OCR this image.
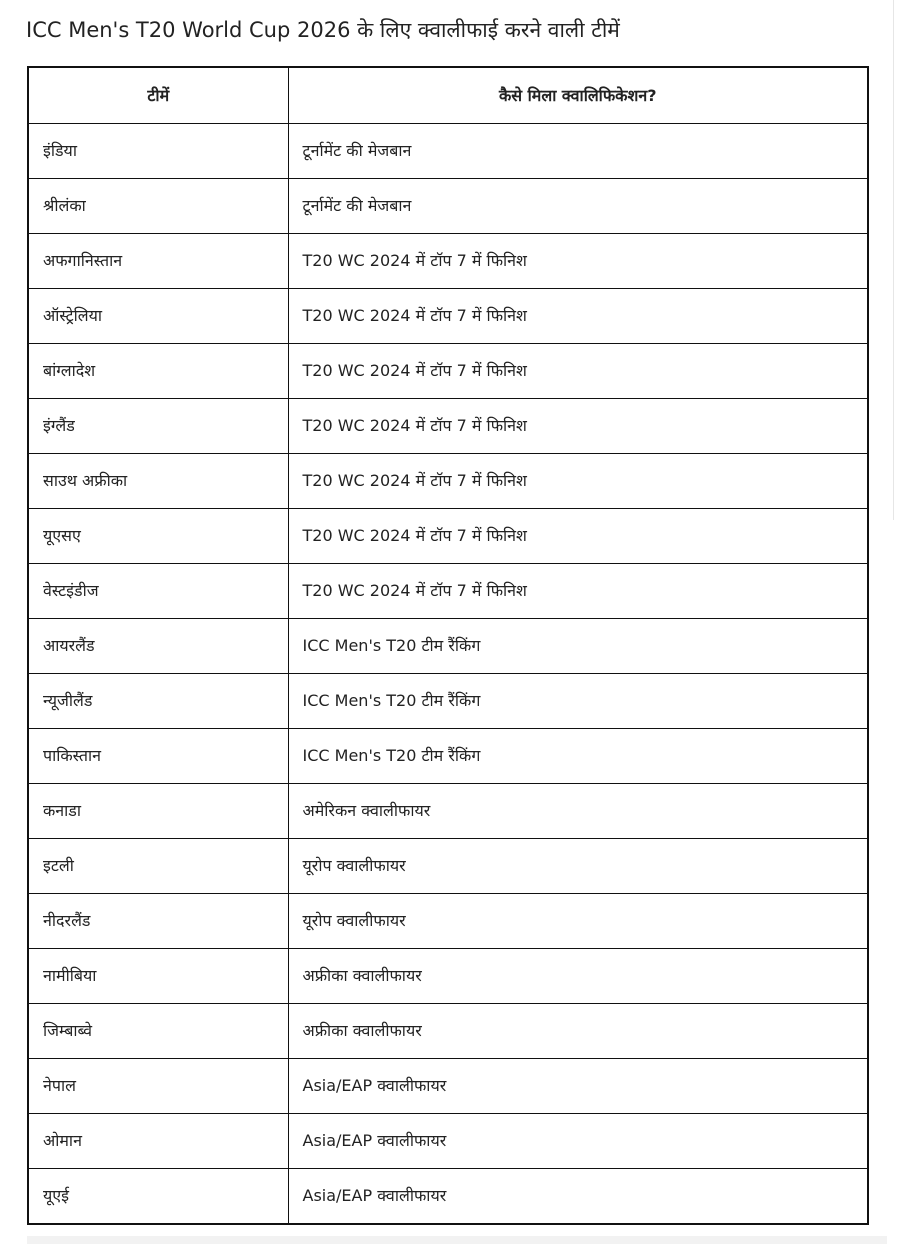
ICC Men's T20 World Cup 2026 के लिए क्वालीफाई करने वाली टीमें
टीमें	कैसे मिला क्वालिफिकेशन?
इंडिया	टूर्नामेंट की मेजबान
श्रीलंका	टूर्नामेंट की मेजबान
अफगानिस्तान	T20 WC 2024 में टॉप 7 में फिनिश
ऑस्ट्रेलिया	T20 WC 2024 में टॉप 7 में फिनिश
बांग्लादेश	T20 WC 2024 में टॉप 7 में फिनिश
इंग्लैंड	T20 WC 2024 में टॉप 7 में फिनिश
साउथ अफ्रीका	T20 WC 2024 में टॉप 7 में फिनिश
यूएसए	T20 WC 2024 में टॉप 7 में फिनिश
वेस्टइंडीज	T20 WC 2024 में टॉप 7 में फिनिश
आयरलैंड	ICC Men's T20 टीम रैंकिंग
न्यूजीलैंड	ICC Men's T20 टीम रैंकिंग
पाकिस्तान	ICC Men's T20 टीम रैंकिंग
कनाडा	अमेरिकन क्वालीफायर
इटली	यूरोप क्वालीफायर
नीदरलैंड	यूरोप क्वालीफायर
नामीबिया	अफ्रीका क्वालीफायर
जिम्बाब्वे	अफ्रीका क्वालीफायर
नेपाल	Asia/EAP क्वालीफायर
ओमान	Asia/EAP क्वालीफायर
यूएई	Asia/EAP क्वालीफायर
